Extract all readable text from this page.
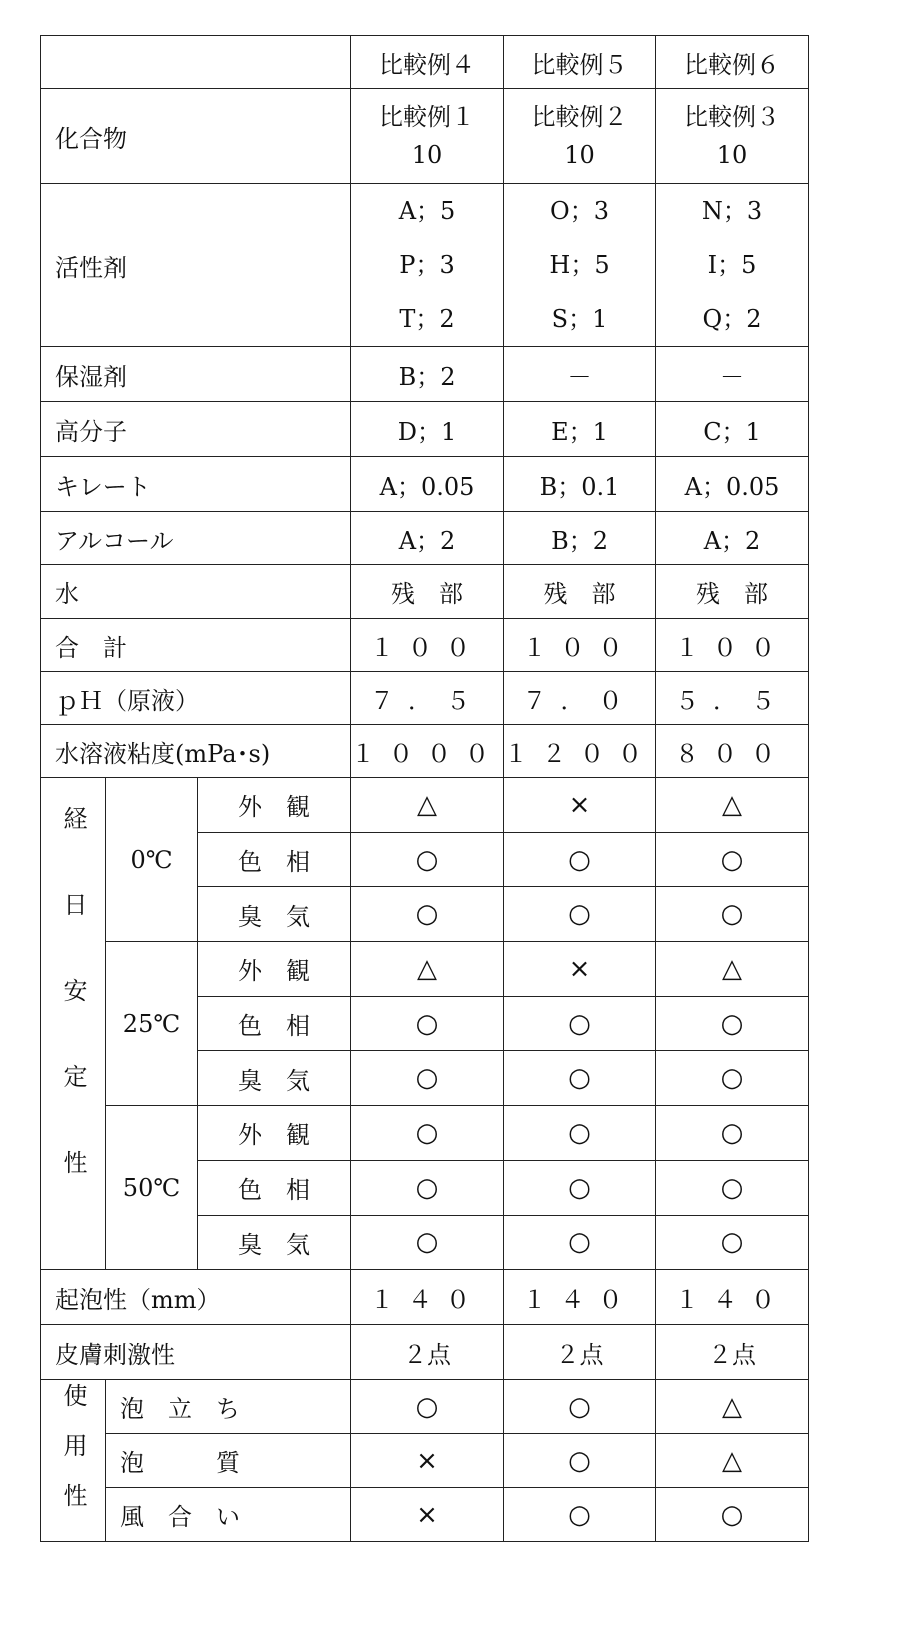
	比較例４	比較例５	比較例６
化合物	
比較例１
10

比較例２
10

比較例３
10

活性剤	
A；5
P；3
T；2

O；3
H；5
S；1

N；3
I；5
Q；2

保湿剤	B；2	－	－
高分子	D；1	E；1	C；1
キレート	A；0.05	B；0.1	A；0.05
アルコール	A；2	B；2	A；2
水	残　部	残　部	残　部
合　計	１００	１００	１００
ｐＨ（原液）	７．５	７．０	５．５
水溶液粘度(mPa･s)	１０００	１２００	８００
経日安定性	0℃	外　観	△	×	△
色　相	○	○	○
臭　気	○	○	○
25℃	外　観	△	×	△
色　相	○	○	○
臭　気	○	○	○
50℃	外　観	○	○	○
色　相	○	○	○
臭　気	○	○	○
起泡性（mm）	１４０	１４０	１４０
皮膚刺激性	２点	２点	２点
使用性	泡　立　ち	○	○	△
泡　　　質	×	○	△
風　合　い	×	○	○
